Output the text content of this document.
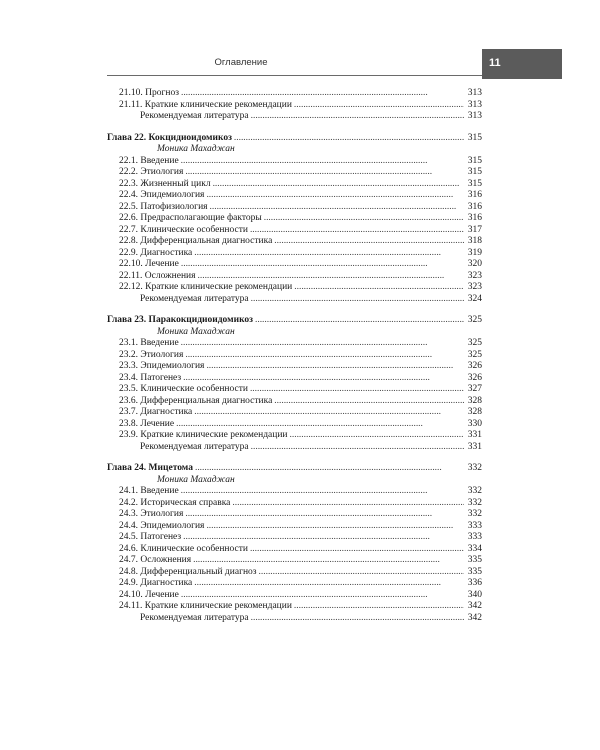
Оглавление	11
21.10. Прогноз . . .	313
21.11. Краткие клинические рекомендации . . .	313
Рекомендуемая литература . . .	313
Глава 22. Кокцидиоидомикоз . . .	315
Моника Махаджан
22.1. Введение . . .	315
22.2. Этиология . . .	315
22.3. Жизненный цикл . . .	315
22.4. Эпидемиология . . .	316
22.5. Патофизиология . . .	316
22.6. Предрасполагающие факторы . . .	316
22.7. Клинические особенности . . .	317
22.8. Дифференциальная диагностика . . .	318
22.9. Диагностика . . .	319
22.10. Лечение . . .	320
22.11. Осложнения . . .	323
22.12. Краткие клинические рекомендации . . .	323
Рекомендуемая литература . . .	324
Глава 23. Паракокцидиоидомикоз . . .	325
Моника Махаджан
23.1. Введение . . .	325
23.2. Этиология . . .	325
23.3. Эпидемиология . . .	326
23.4. Патогенез . . .	326
23.5. Клинические особенности . . .	327
23.6. Дифференциальная диагностика . . .	328
23.7. Диагностика . . .	328
23.8. Лечение . . .	330
23.9. Краткие клинические рекомендации . . .	331
Рекомендуемая литература . . .	331
Глава 24. Мицетома . . .	332
Моника Махаджан
24.1. Введение . . .	332
24.2. Историческая справка . . .	332
24.3. Этиология . . .	332
24.4. Эпидемиология . . .	333
24.5. Патогенез . . .	333
24.6. Клинические особенности . . .	334
24.7. Осложнения . . .	335
24.8. Дифференциальный диагноз . . .	335
24.9. Диагностика . . .	336
24.10. Лечение . . .	340
24.11. Краткие клинические рекомендации . . .	342
Рекомендуемая литература . . .	342
